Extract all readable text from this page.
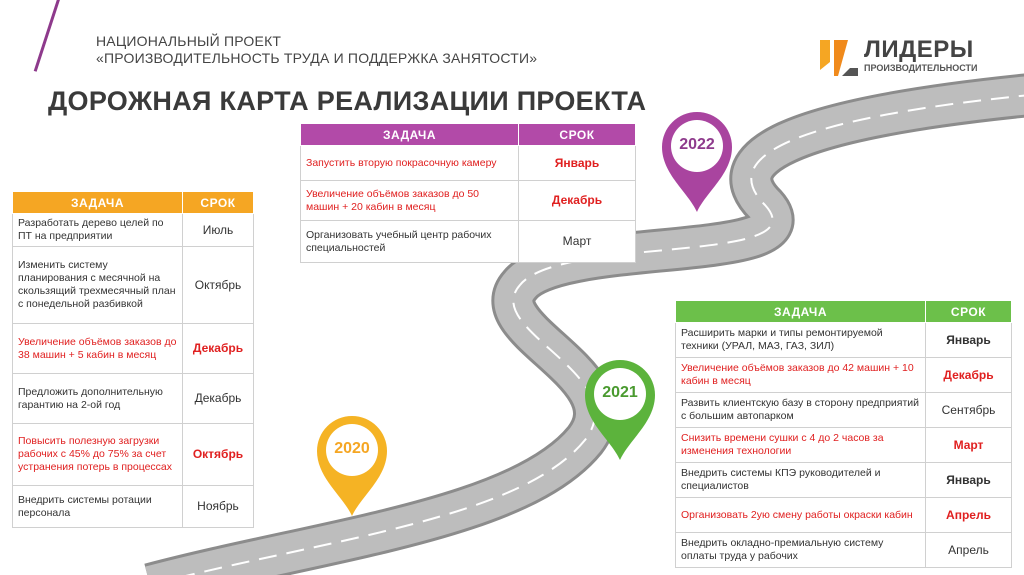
НАЦИОНАЛЬНЫЙ ПРОЕКТ
«ПРОИЗВОДИТЕЛЬНОСТЬ ТРУДА И ПОДДЕРЖКА ЗАНЯТОСТИ»
ДОРОЖНАЯ КАРТА РЕАЛИЗАЦИИ ПРОЕКТА
ЛИДЕРЫ
ПРОИЗВОДИТЕЛЬНОСТИ
2020
2021
2022
ЗАДАЧА	СРОК
Разработать дерево целей по ПТ на предприятии	Июль
Изменить систему планирования с месячной на скользящий трехмесячный план с понедельной разбивкой	Октябрь
Увеличение объёмов заказов до 38 машин + 5 кабин в месяц	Декабрь
Предложить дополнительную гарантию на 2-ой год	Декабрь
Повысить полезную загрузки рабочих с 45% до 75% за счет устранения потерь в процессах	Октябрь
Внедрить системы ротации персонала	Ноябрь
ЗАДАЧА	СРОК
Запустить вторую покрасочную камеру	Январь
Увеличение объёмов заказов до 50 машин + 20 кабин в месяц	Декабрь
Организовать учебный центр рабочих специальностей	Март
ЗАДАЧА	СРОК
Расширить марки и типы ремонтируемой техники (УРАЛ, МАЗ, ГАЗ, ЗИЛ)	Январь
Увеличение объёмов заказов до 42 машин + 10 кабин в месяц	Декабрь
Развить клиентскую базу в сторону предприятий с большим автопарком	Сентябрь
Снизить времени сушки с 4 до 2 часов за изменения технологии	Март
Внедрить системы КПЭ руководителей и специалистов	Январь
Организовать 2ую смену работы окраски кабин	Апрель
Внедрить окладно-премиальную систему оплаты труда у рабочих	Апрель
